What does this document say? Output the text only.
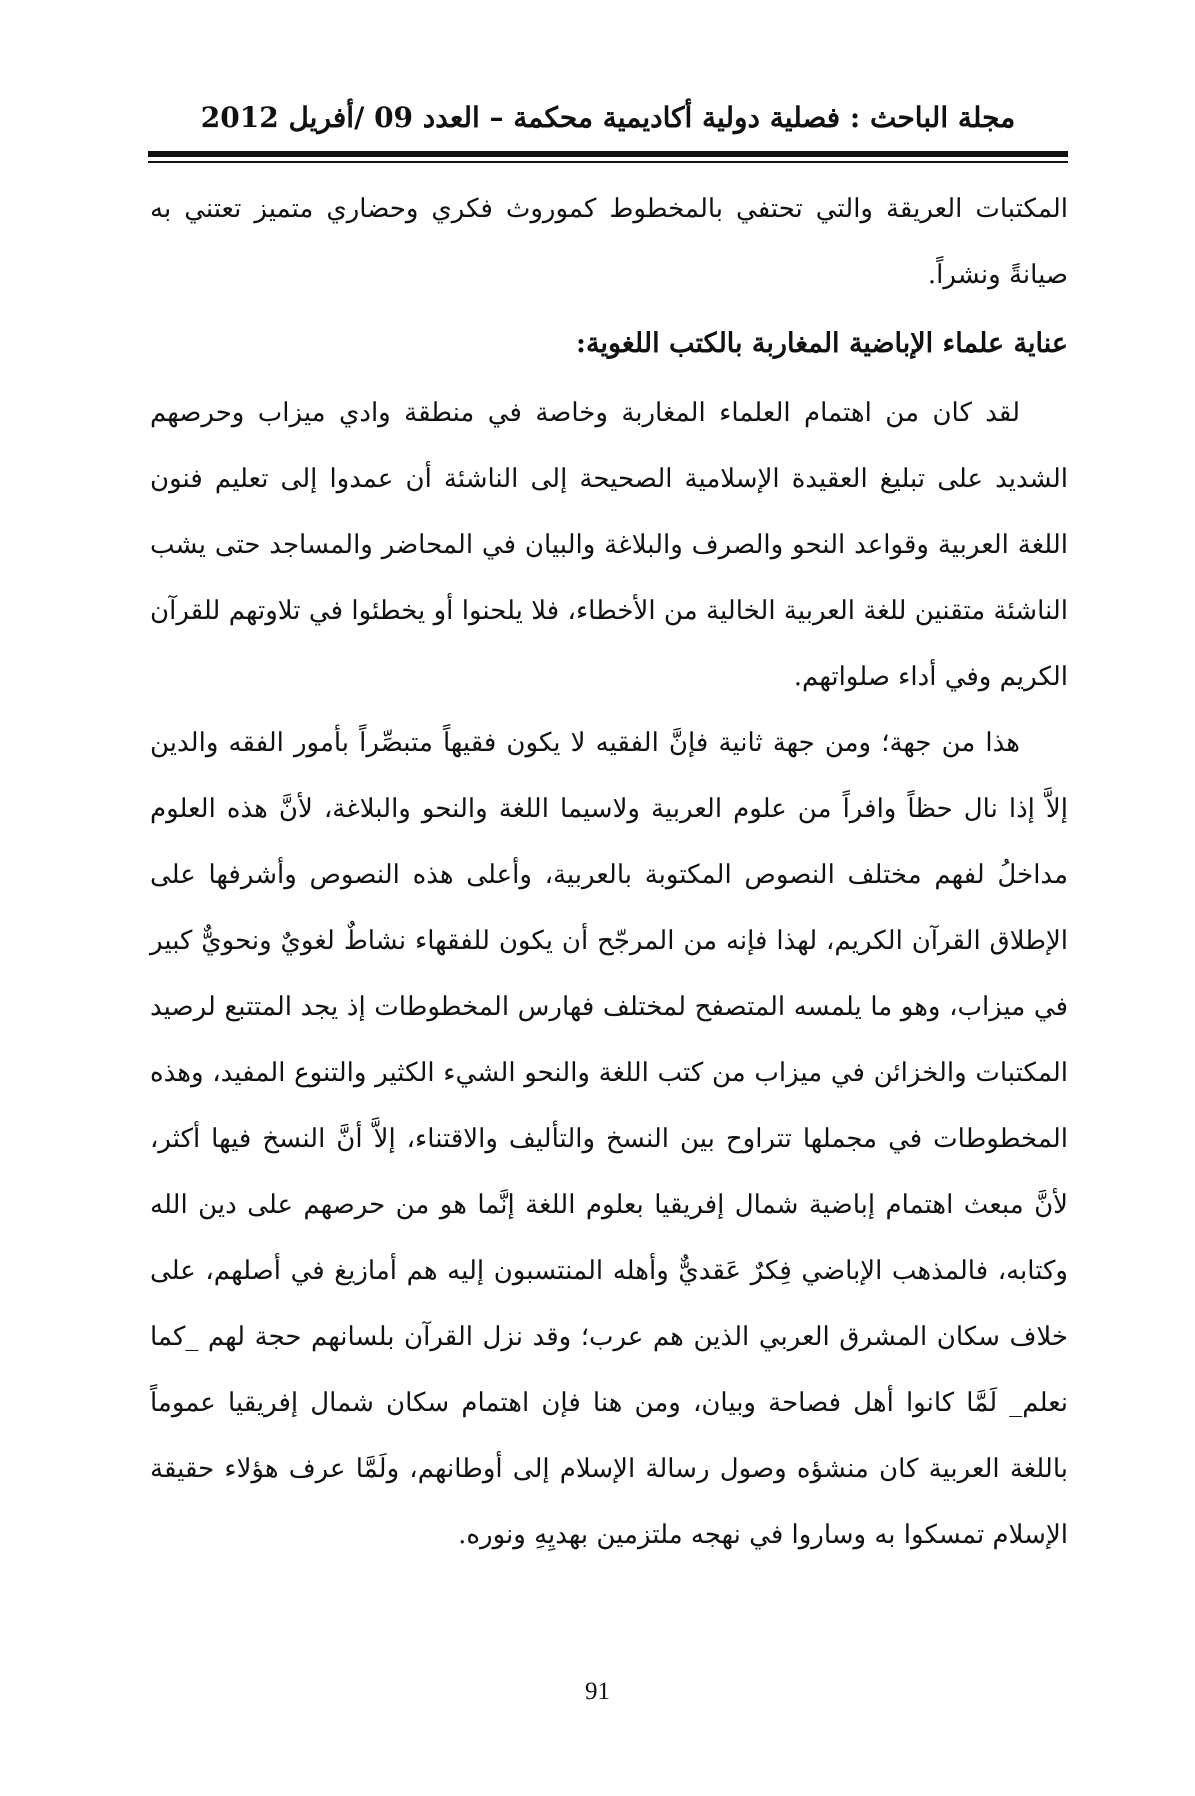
مجلة الباحث : فصلية دولية أكاديمية محكمة – العدد 09 /أفريل 2012

المكتبات العريقة والتي تحتفي بالمخطوط كموروث فكري وحضاري متميز تعتني به صيانةً ونشراً.

عناية علماء الإباضية المغاربة بالكتب اللغوية:

لقد كان من اهتمام العلماء المغاربة وخاصة في منطقة وادي ميزاب وحرصهم الشديد على تبليغ العقيدة الإسلامية الصحيحة إلى الناشئة أن عمدوا إلى تعليم فنون اللغة العربية وقواعد النحو والصرف والبلاغة والبيان في المحاضر والمساجد حتى يشب الناشئة متقنين للغة العربية الخالية من الأخطاء، فلا يلحنوا أو يخطئوا في تلاوتهم للقرآن الكريم وفي أداء صلواتهم.

هذا من جهة؛ ومن جهة ثانية فإنَّ الفقيه لا يكون فقيهاً متبصِّراً بأمور الفقه والدين إلاَّ إذا نال حظاً وافراً من علوم العربية ولاسيما اللغة والنحو والبلاغة، لأنَّ هذه العلوم مداخلُ لفهم مختلف النصوص المكتوبة بالعربية، وأعلى هذه النصوص وأشرفها على الإطلاق القرآن الكريم، لهذا فإنه من المرجّح أن يكون للفقهاء نشاطٌ لغويٌ ونحويٌّ كبير في ميزاب، وهو ما يلمسه المتصفح لمختلف فهارس المخطوطات إذ يجد المتتبع لرصيد المكتبات والخزائن في ميزاب من كتب اللغة والنحو الشيء الكثير والتنوع المفيد، وهذه المخطوطات في مجملها تتراوح بين النسخ والتأليف والاقتناء، إلاَّ أنَّ النسخ فيها أكثر، لأنَّ مبعث اهتمام إباضية شمال إفريقيا بعلوم اللغة إنَّما هو من حرصهم على دين الله وكتابه، فالمذهب الإباضي فِكرٌ عَقديٌّ وأهله المنتسبون إليه هم أمازيغ في أصلهم، على خلاف سكان المشرق العربي الذين هم عرب؛ وقد نزل القرآن بلسانهم حجة لهم _كما نعلم_ لَمَّا كانوا أهل فصاحة وبيان، ومن هنا فإن اهتمام سكان شمال إفريقيا عموماً باللغة العربية كان منشؤه وصول رسالة الإسلام إلى أوطانهم، ولَمَّا عرف هؤلاء حقيقة الإسلام تمسكوا به وساروا في نهجه ملتزمين بهديِهِ ونوره.

91
